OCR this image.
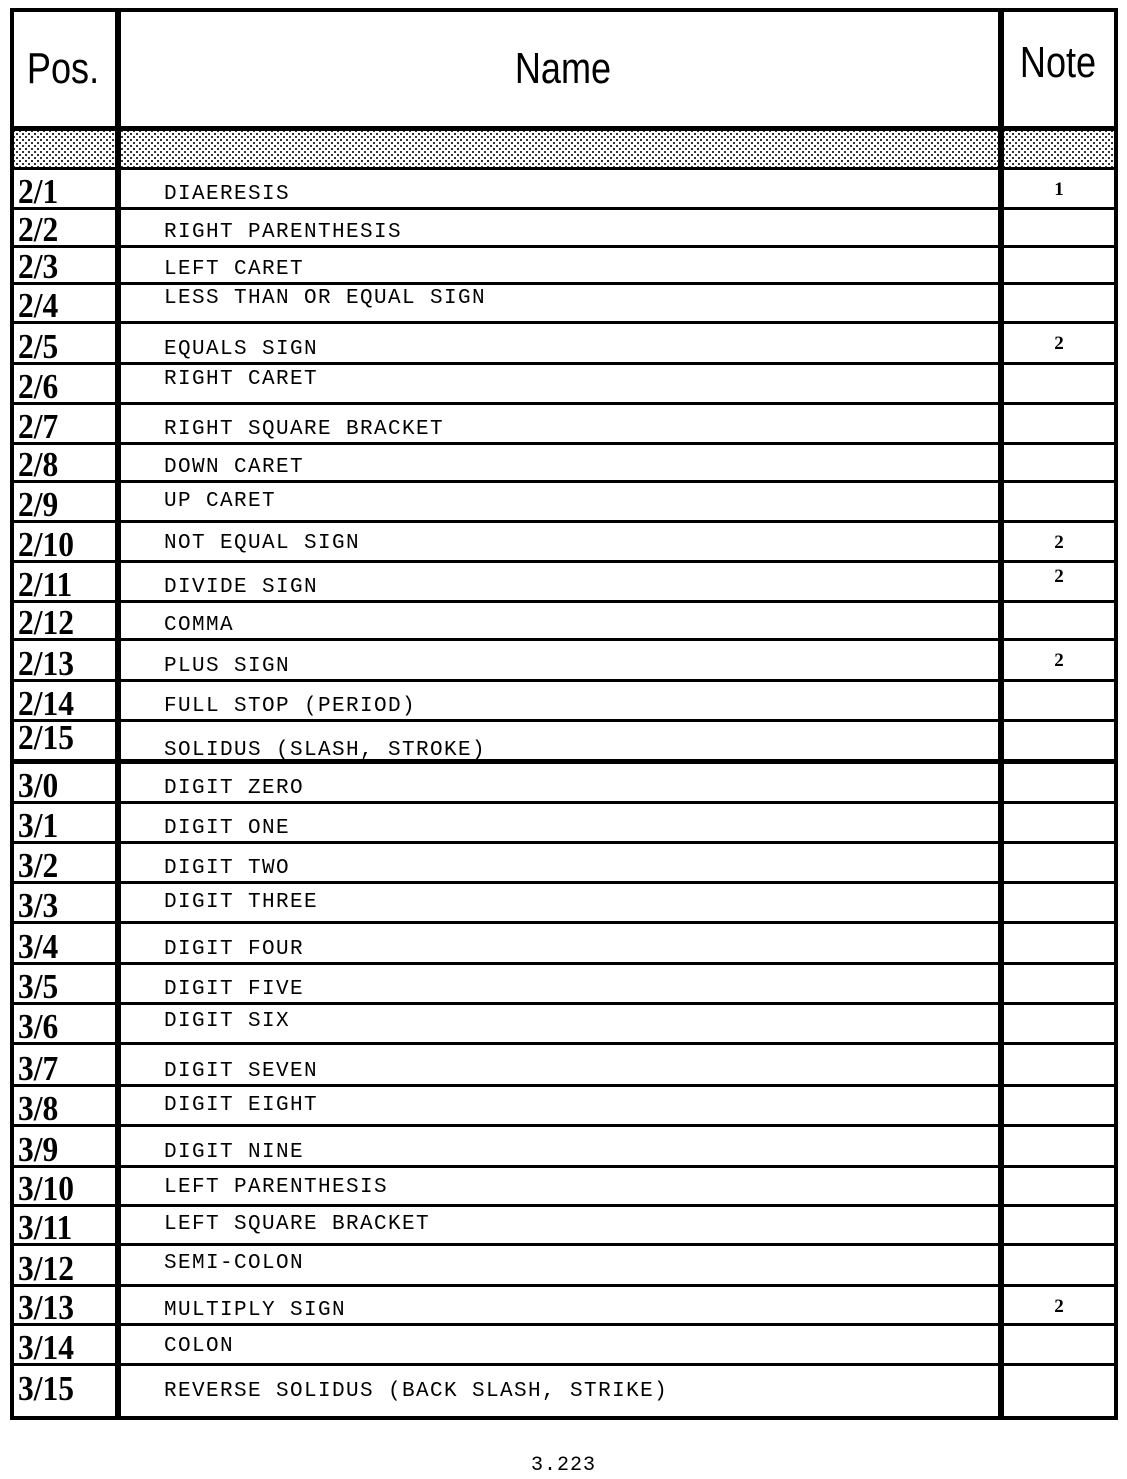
Pos.	Name	Note
2/1	DIAERESIS	1
2/2	RIGHT PARENTHESIS
2/3	LEFT CARET
2/4	LESS THAN OR EQUAL SIGN
2/5	EQUALS SIGN	2
2/6	RIGHT CARET
2/7	RIGHT SQUARE BRACKET
2/8	DOWN CARET
2/9	UP CARET
2/10	NOT EQUAL SIGN	2
2/11	DIVIDE SIGN	2
2/12	COMMA
2/13	PLUS SIGN	2
2/14	FULL STOP (PERIOD)
2/15	SOLIDUS (SLASH, STROKE)
3/0	DIGIT ZERO
3/1	DIGIT ONE
3/2	DIGIT TWO
3/3	DIGIT THREE
3/4	DIGIT FOUR
3/5	DIGIT FIVE
3/6	DIGIT SIX
3/7	DIGIT SEVEN
3/8	DIGIT EIGHT
3/9	DIGIT NINE
3/10	LEFT PARENTHESIS
3/11	LEFT SQUARE BRACKET
3/12	SEMI-COLON
3/13	MULTIPLY SIGN	2
3/14	COLON
3/15	REVERSE SOLIDUS (BACK SLASH, STRIKE)
3.223
